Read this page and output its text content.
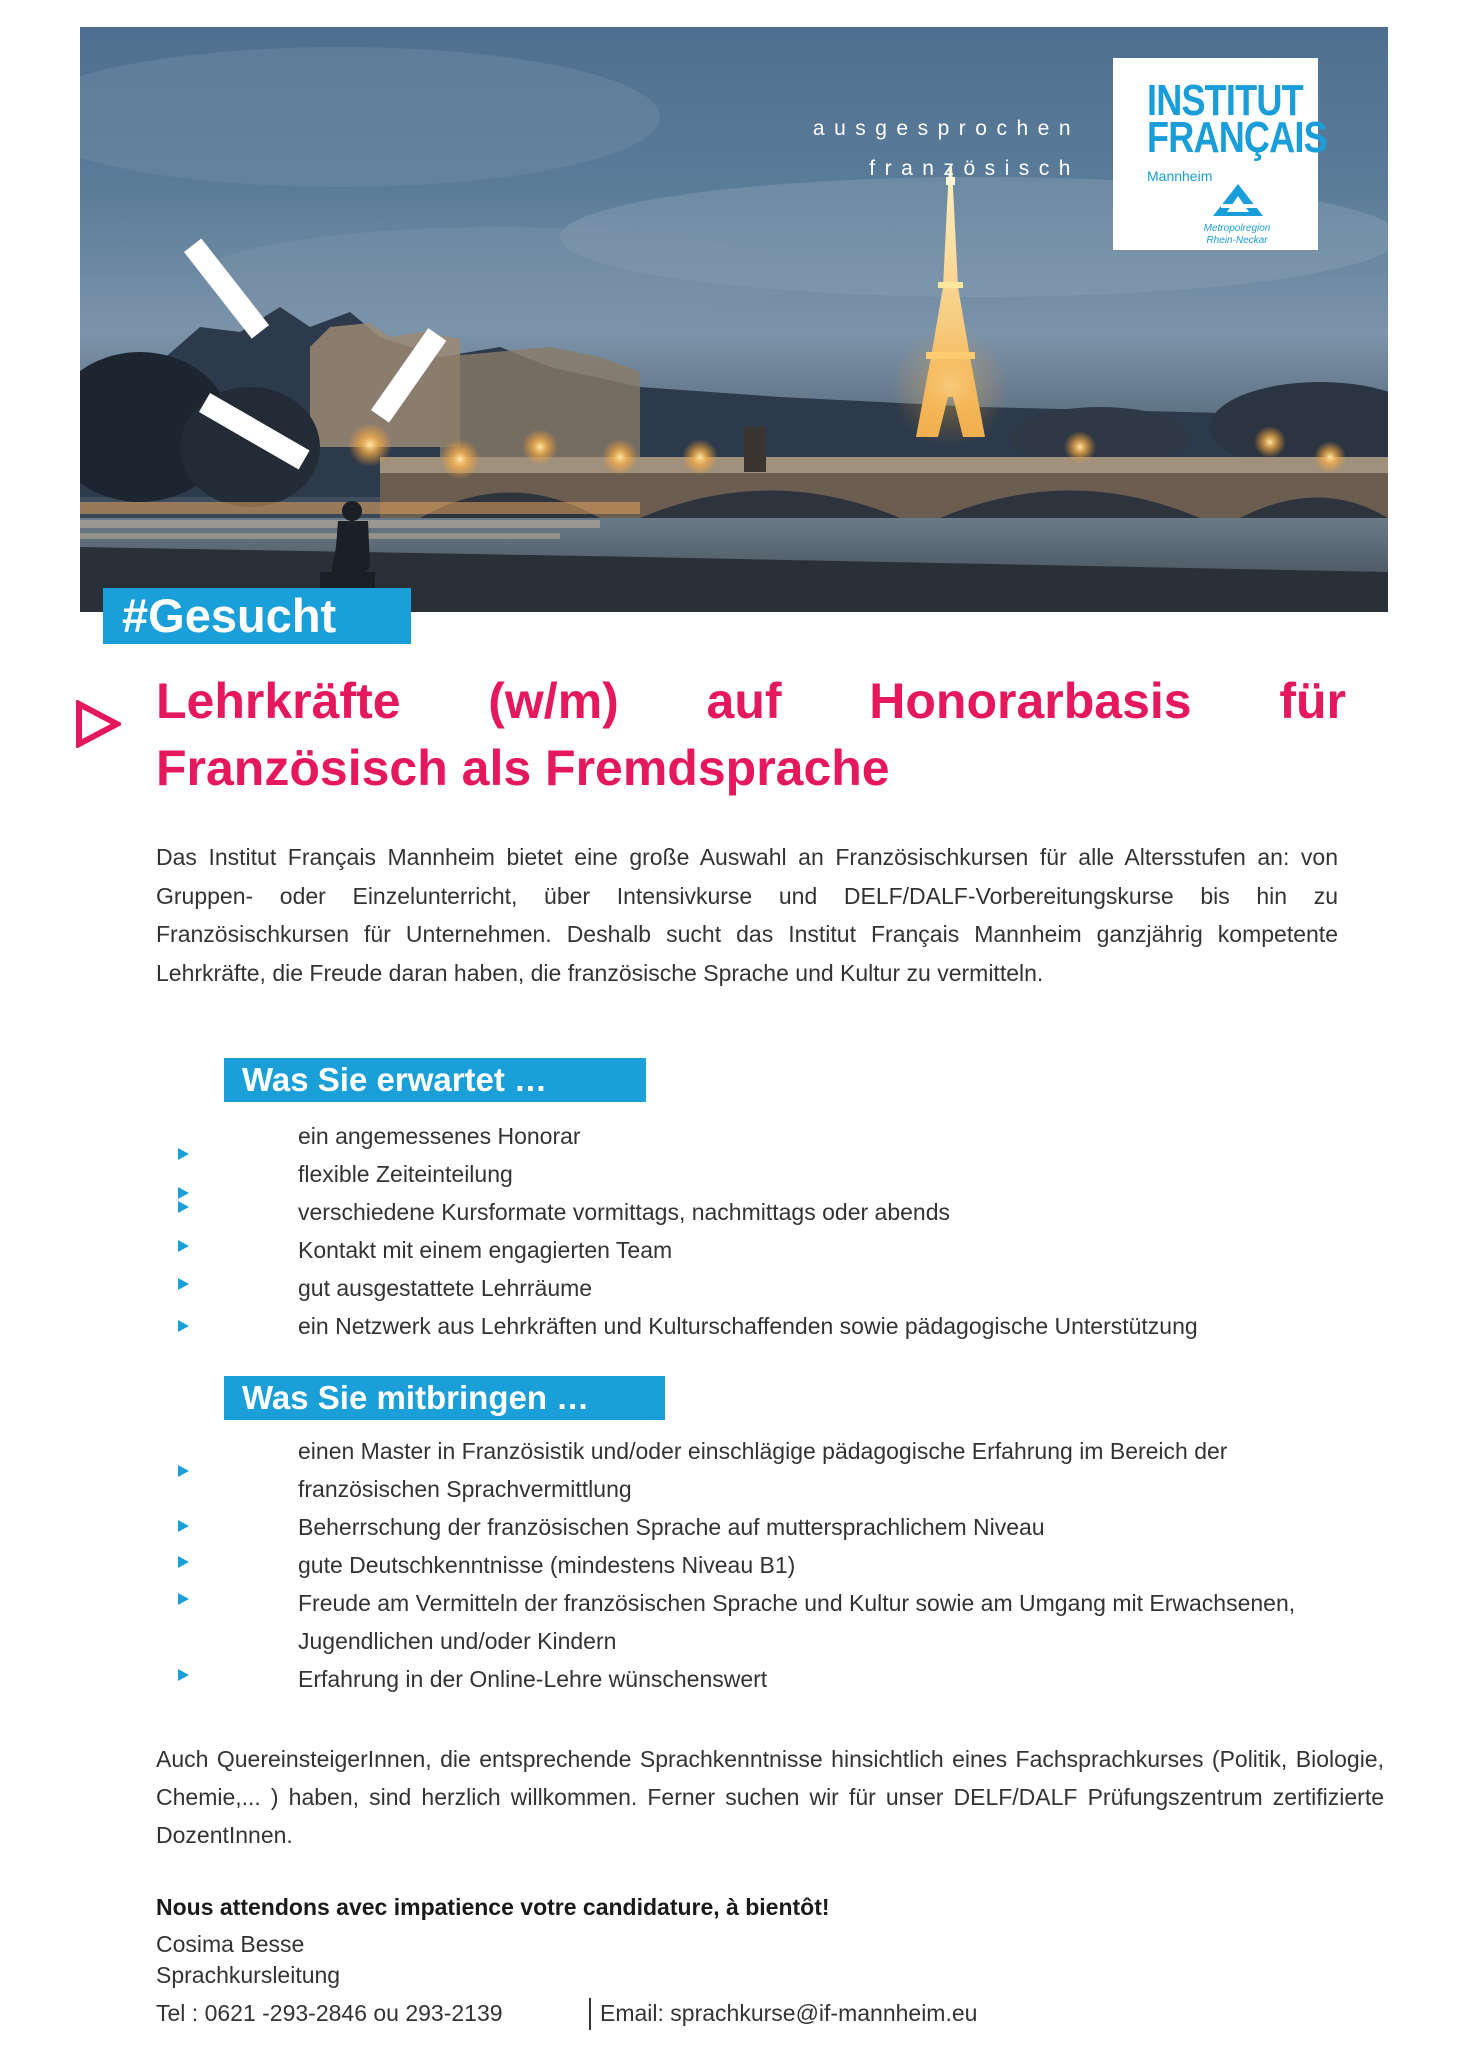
ausgesprochen
französisch
INSTITUT
FRANÇAIS
Mannheim
Metropolregion
Rhein-Neckar
#Gesucht
Lehrkräfte (w/m) auf Honorarbasis für
Französisch als Fremdsprache

Das Institut Français Mannheim bietet eine große Auswahl an Französischkursen für alle Altersstufen an: von Gruppen- oder Einzelunterricht, über Intensivkurse und DELF/DALF-Vorbereitungskurse bis hin zu Französischkursen für Unternehmen. Deshalb sucht das Institut Français Mannheim ganzjährig kompetente Lehrkräfte, die Freude daran haben, die französische Sprache und Kultur zu vermitteln.

Was Sie erwartet …
ein angemessenes Honorar
flexible Zeiteinteilung
verschiedene Kursformate vormittags, nachmittags oder abends
Kontakt mit einem engagierten Team
gut ausgestattete Lehrräume
ein Netzwerk aus Lehrkräften und Kulturschaffenden sowie pädagogische Unterstützung
Was Sie mitbringen …
einen Master in Französistik und/oder einschlägige pädagogische Erfahrung im Bereich der französischen Sprachvermittlung
Beherrschung der französischen Sprache auf muttersprachlichem Niveau
gute Deutschkenntnisse (mindestens Niveau B1)
Freude am Vermitteln der französischen Sprache und Kultur sowie am Umgang mit Erwachsenen, Jugendlichen und/oder Kindern
Erfahrung in der Online-Lehre wünschenswert

Auch QuereinsteigerInnen, die entsprechende Sprachkenntnisse hinsichtlich eines Fachsprachkurses (Politik, Biologie, Chemie,... ) haben, sind herzlich willkommen. Ferner suchen wir für unser DELF/DALF Prüfungszentrum zertifizierte DozentInnen.

Nous attendons avec impatience votre candidature, à bientôt!
Cosima Besse
Sprachkursleitung
Tel : 0621 -293-2846 ou 293-2139	Email: sprachkurse@if-mannheim.eu
